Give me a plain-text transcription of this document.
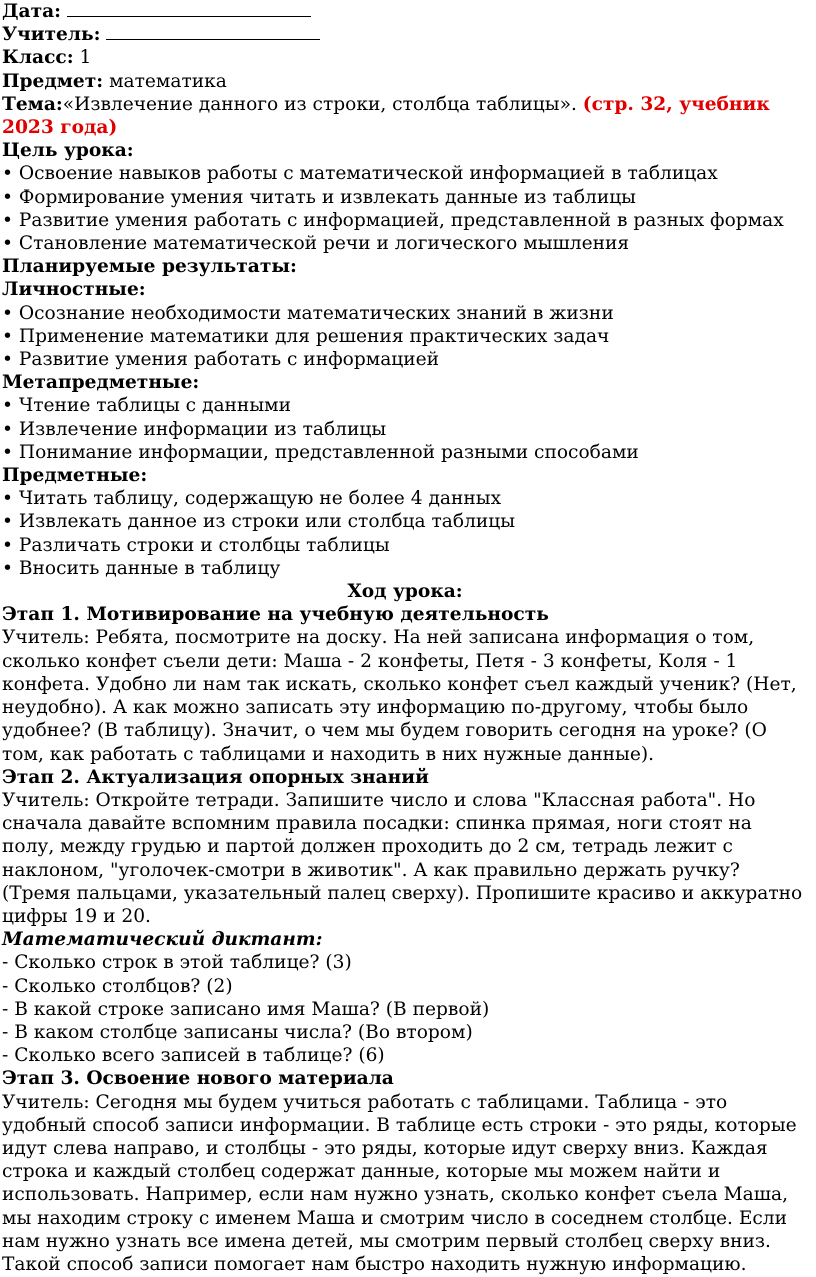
Дата:

Учитель:

Класс: 1

Предмет: математика

Тема:«Извлечение данного из строки, столбца таблицы». (стр. 32, учебник 2023 года)

Цель урока:

• Освоение навыков работы с математической информацией в таблицах

• Формирование умения читать и извлекать данные из таблицы

• Развитие умения работать с информацией, представленной в разных формах

• Становление математической речи и логического мышления

Планируемые результаты:

Личностные:

• Осознание необходимости математических знаний в жизни

• Применение математики для решения практических задач

• Развитие умения работать с информацией

Метапредметные:

• Чтение таблицы с данными

• Извлечение информации из таблицы

• Понимание информации, представленной разными способами

Предметные:

• Читать таблицу, содержащую не более 4 данных

• Извлекать данное из строки или столбца таблицы

• Различать строки и столбцы таблицы

• Вносить данные в таблицу

Ход урока:

Этап 1. Мотивирование на учебную деятельность

Учитель: Ребята, посмотрите на доску. На ней записана информация о том, сколько конфет съели дети: Маша - 2 конфеты, Петя - 3 конфеты, Коля - 1 конфета. Удобно ли нам так искать, сколько конфет съел каждый ученик? (Нет, неудобно). А как можно записать эту информацию по-другому, чтобы было удобнее? (В таблицу). Значит, о чем мы будем говорить сегодня на уроке? (О том, как работать с таблицами и находить в них нужные данные).

Этап 2. Актуализация опорных знаний

Учитель: Откройте тетради. Запишите число и слова "Классная работа". Но сначала давайте вспомним правила посадки: спинка прямая, ноги стоят на полу, между грудью и партой должен проходить до 2 см, тетрадь лежит с наклоном, "уголочек-смотри в животик". А как правильно держать ручку? (Тремя пальцами, указательный палец сверху). Пропишите красиво и аккуратно цифры 19 и 20.

Математический диктант:

- Сколько строк в этой таблице? (3)

- Сколько столбцов? (2)

- В какой строке записано имя Маша? (В первой)

- В каком столбце записаны числа? (Во втором)

- Сколько всего записей в таблице? (6)

Этап 3. Освоение нового материала

Учитель: Сегодня мы будем учиться работать с таблицами. Таблица - это удобный способ записи информации. В таблице есть строки - это ряды, которые идут слева направо, и столбцы - это ряды, которые идут сверху вниз. Каждая строка и каждый столбец содержат данные, которые мы можем найти и использовать. Например, если нам нужно узнать, сколько конфет съела Маша, мы находим строку с именем Маша и смотрим число в соседнем столбце. Если нам нужно узнать все имена детей, мы смотрим первый столбец сверху вниз. Такой способ записи помогает нам быстро находить нужную информацию.
